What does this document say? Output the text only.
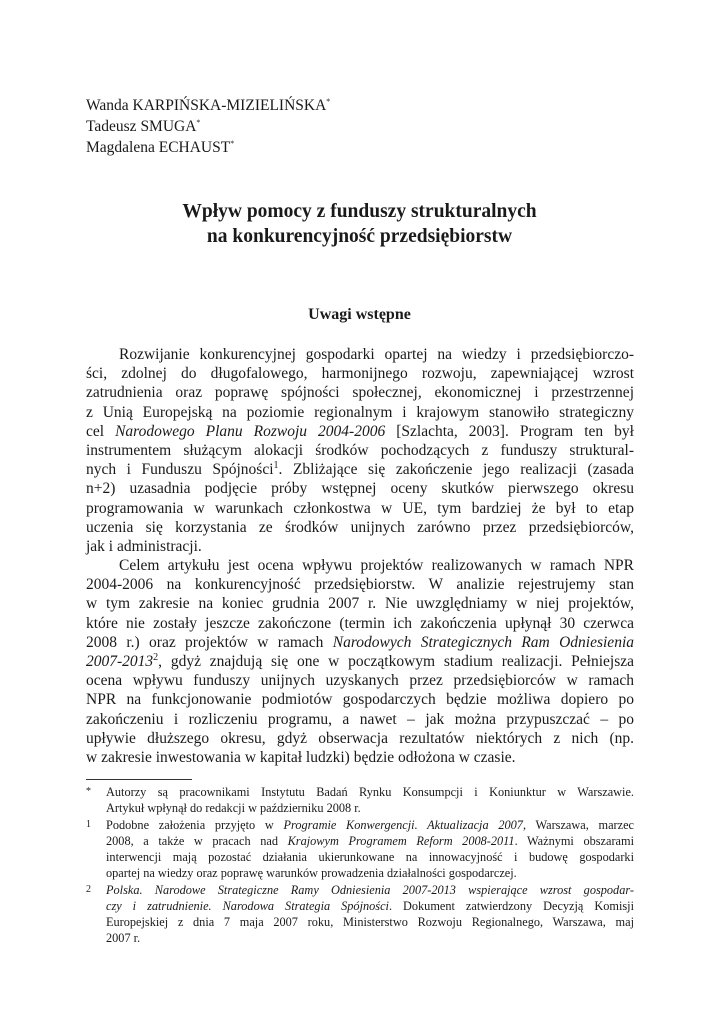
Wanda KARPIŃSKA-MIZIELIŃSKA*
Tadeusz SMUGA*
Magdalena ECHAUST*
Wpływ pomocy z funduszy strukturalnych
na konkurencyjność przedsiębiorstw
Uwagi wstępne
Rozwijanie konkurencyjnej gospodarki opartej na wiedzy i przedsiębiorczo-
ści, zdolnej do długofalowego, harmonijnego rozwoju, zapewniającej wzrost
zatrudnienia oraz poprawę spójności społecznej, ekonomicznej i przestrzennej
z Unią Europejską na poziomie regionalnym i krajowym stanowiło strategiczny
cel Narodowego Planu Rozwoju 2004-2006 [Szlachta, 2003]. Program ten był
instrumentem służącym alokacji środków pochodzących z funduszy struktural-
nych i Funduszu Spójności$^1$. Zbliżające się zakończenie jego realizacji (zasada
n+2) uzasadnia podjęcie próby wstępnej oceny skutków pierwszego okresu
programowania w warunkach członkostwa w UE, tym bardziej że był to etap
uczenia się korzystania ze środków unijnych zarówno przez przedsiębiorców,
jak i administracji.
Celem artykułu jest ocena wpływu projektów realizowanych w ramach NPR
2004-2006 na konkurencyjność przedsiębiorstw. W analizie rejestrujemy stan
w tym zakresie na koniec grudnia 2007 r. Nie uwzględniamy w niej projektów,
które nie zostały jeszcze zakończone (termin ich zakończenia upłynął 30 czerwca
2008 r.) oraz projektów w ramach Narodowych Strategicznych Ram Odniesienia
2007-2013$^2$, gdyż znajdują się one w początkowym stadium realizacji. Pełniejsza
ocena wpływu funduszy unijnych uzyskanych przez przedsiębiorców w ramach
NPR na funkcjonowanie podmiotów gospodarczych będzie możliwa dopiero po
zakończeniu i rozliczeniu programu, a nawet – jak można przypuszczać – po
upływie dłuższego okresu, gdyż obserwacja rezultatów niektórych z nich (np.
w zakresie inwestowania w kapitał ludzki) będzie odłożona w czasie.
* Autorzy są pracownikami Instytutu Badań Rynku Konsumpcji i Koniunktur w Warszawie.
Artykuł wpłynął do redakcji w październiku 2008 r.
1 Podobne założenia przyjęto w Programie Konwergencji. Aktualizacja 2007, Warszawa, marzec
2008, a także w pracach nad Krajowym Programem Reform 2008-2011. Ważnymi obszarami
interwencji mają pozostać działania ukierunkowane na innowacyjność i budowę gospodarki
opartej na wiedzy oraz poprawę warunków prowadzenia działalności gospodarczej.
2 Polska. Narodowe Strategiczne Ramy Odniesienia 2007-2013 wspierające wzrost gospodar-
czy i zatrudnienie. Narodowa Strategia Spójności. Dokument zatwierdzony Decyzją Komisji
Europejskiej z dnia 7 maja 2007 roku, Ministerstwo Rozwoju Regionalnego, Warszawa, maj
2007 r.
